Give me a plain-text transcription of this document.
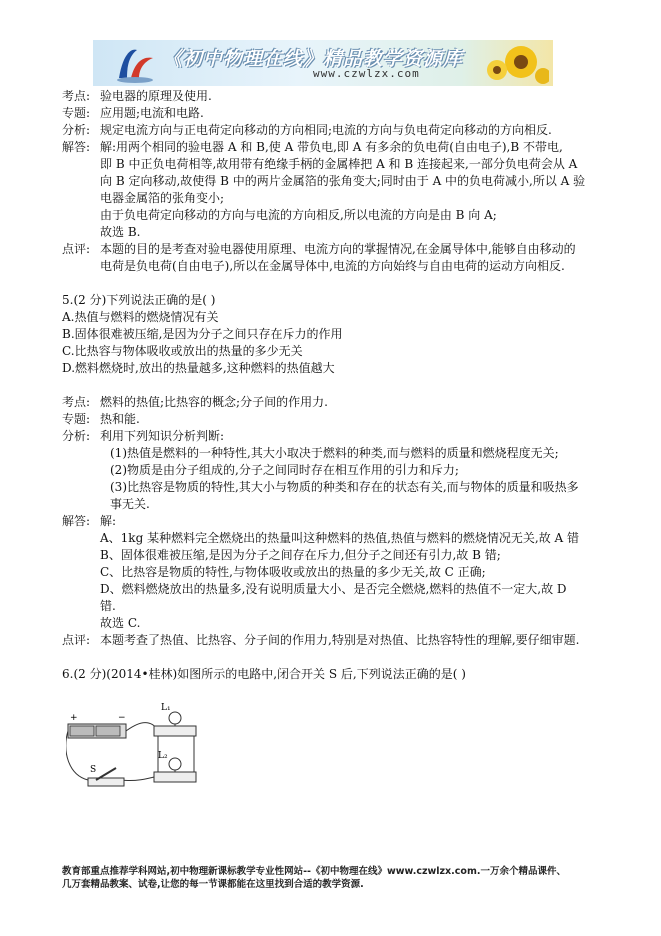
《初中物理在线》精品教学资源库
www.czwlzx.com
考点: 验电器的原理及使用.
专题: 应用题;电流和电路.
分析: 规定电流方向与正电荷定向移动的方向相同;电流的方向与负电荷定向移动的方向相反.
解答: 解:用两个相同的验电器 A 和 B,使 A 带负电,即 A 有多余的负电荷(自由电子),B 不带电,
即 B 中正负电荷相等,故用带有绝缘手柄的金属棒把 A 和 B 连接起来,一部分负电荷会从 A
向 B 定向移动,故使得 B 中的两片金属箔的张角变大;同时由于 A 中的负电荷减小,所以 A 验
电器金属箔的张角变小;
由于负电荷定向移动的方向与电流的方向相反,所以电流的方向是由 B 向 A;
故选 B.
点评: 本题的目的是考查对验电器使用原理、电流方向的掌握情况,在金属导体中,能够自由移动的
电荷是负电荷(自由电子),所以在金属导体中,电流的方向始终与自由电荷的运动方向相反.
5.(2 分)下列说法正确的是( )
A.热值与燃料的燃烧情况有关
B.固体很难被压缩,是因为分子之间只存在斥力的作用
C.比热容与物体吸收或放出的热量的多少无关
D.燃料燃烧时,放出的热量越多,这种燃料的热值越大
考点: 燃料的热值;比热容的概念;分子间的作用力.
专题: 热和能.
分析: 利用下列知识分析判断:
(1)热值是燃料的一种特性,其大小取决于燃料的种类,而与燃料的质量和燃烧程度无关;
(2)物质是由分子组成的,分子之间同时存在相互作用的引力和斥力;
(3)比热容是物质的特性,其大小与物质的种类和存在的状态有关,而与物体的质量和吸热多
事无关.
解答: 解:
A、1kg 某种燃料完全燃烧出的热量叫这种燃料的热值,热值与燃料的燃烧情况无关,故 A 错
B、固体很难被压缩,是因为分子之间存在斥力,但分子之间还有引力,故 B 错;
C、比热容是物质的特性,与物体吸收或放出的热量的多少无关,故 C 正确;
D、燃料燃烧放出的热量多,没有说明质量大小、是否完全燃烧,燃料的热值不一定大,故 D
错.
故选 C.
点评: 本题考查了热值、比热容、分子间的作用力,特别是对热值、比热容特性的理解,要仔细审题.
6.(2 分)(2014•桂林)如图所示的电路中,闭合开关 S 后,下列说法正确的是( )
+	−
L₁
L₂
S
教育部重点推荐学科网站,初中物理新课标教学专业性网站--《初中物理在线》www.czwlzx.com.一万余个精品课件、
几万套精品教案、试卷,让您的每一节课都能在这里找到合适的教学资源.
